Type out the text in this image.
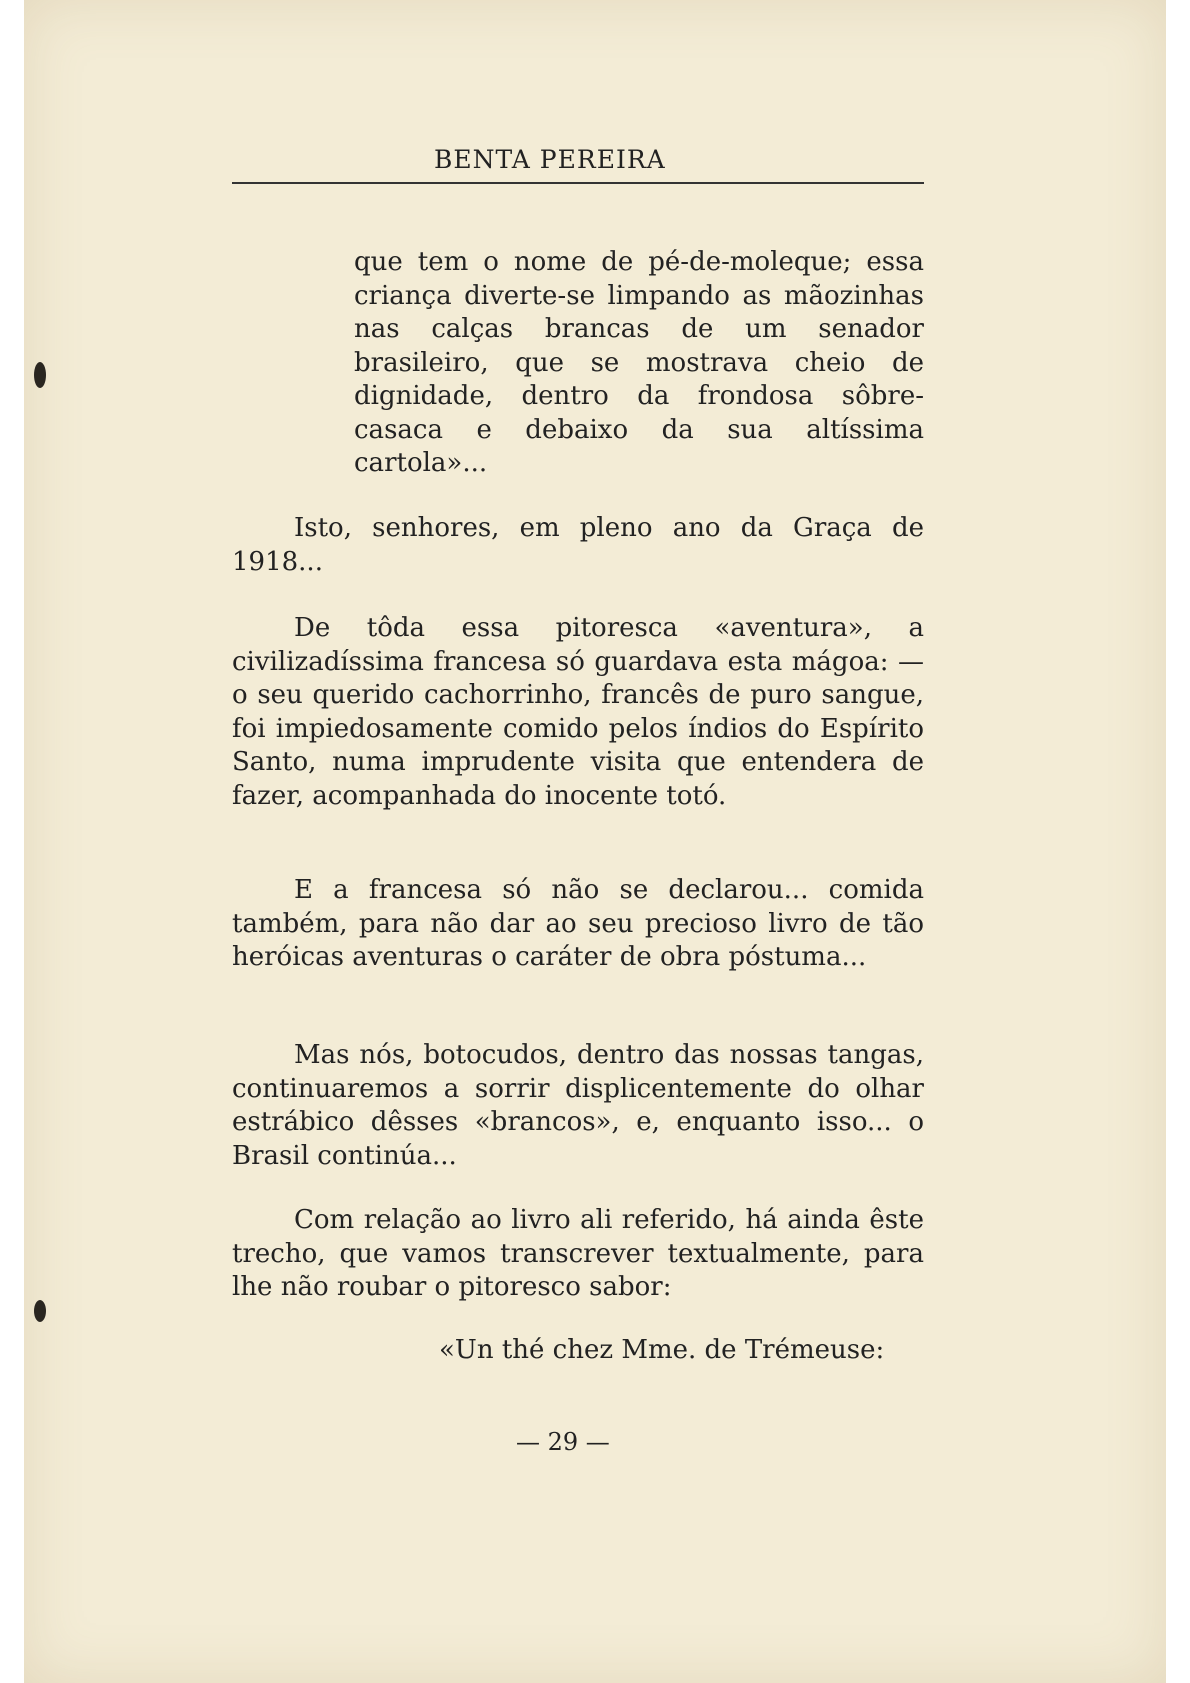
BENTA PEREIRA

que tem o nome de pé-de-moleque; essa criança diverte-se limpando as mãozinhas nas calças brancas de um senador brasileiro, que se mostrava cheio de dignidade, dentro da frondosa sôbre-casaca e debaixo da sua altíssima cartola»...

Isto, senhores, em pleno ano da Graça de 1918...

De tôda essa pitoresca «aventura», a civilizadíssima francesa só guardava esta mágoa: — o seu querido cachorrinho, francês de puro sangue, foi impiedosamente comido pelos índios do Espírito Santo, numa imprudente visita que entendera de fazer, acompanhada do inocente totó.

E a francesa só não se declarou... comida também, para não dar ao seu precioso livro de tão heróicas aventuras o caráter de obra póstuma...

Mas nós, botocudos, dentro das nossas tangas, continuaremos a sorrir displicentemente do olhar estrábico dêsses «brancos», e, enquanto isso... o Brasil continúa...

Com relação ao livro ali referido, há ainda êste trecho, que vamos transcrever textualmente, para lhe não roubar o pitoresco sabor:

«Un thé chez Mme. de Trémeuse:

— 29 —
